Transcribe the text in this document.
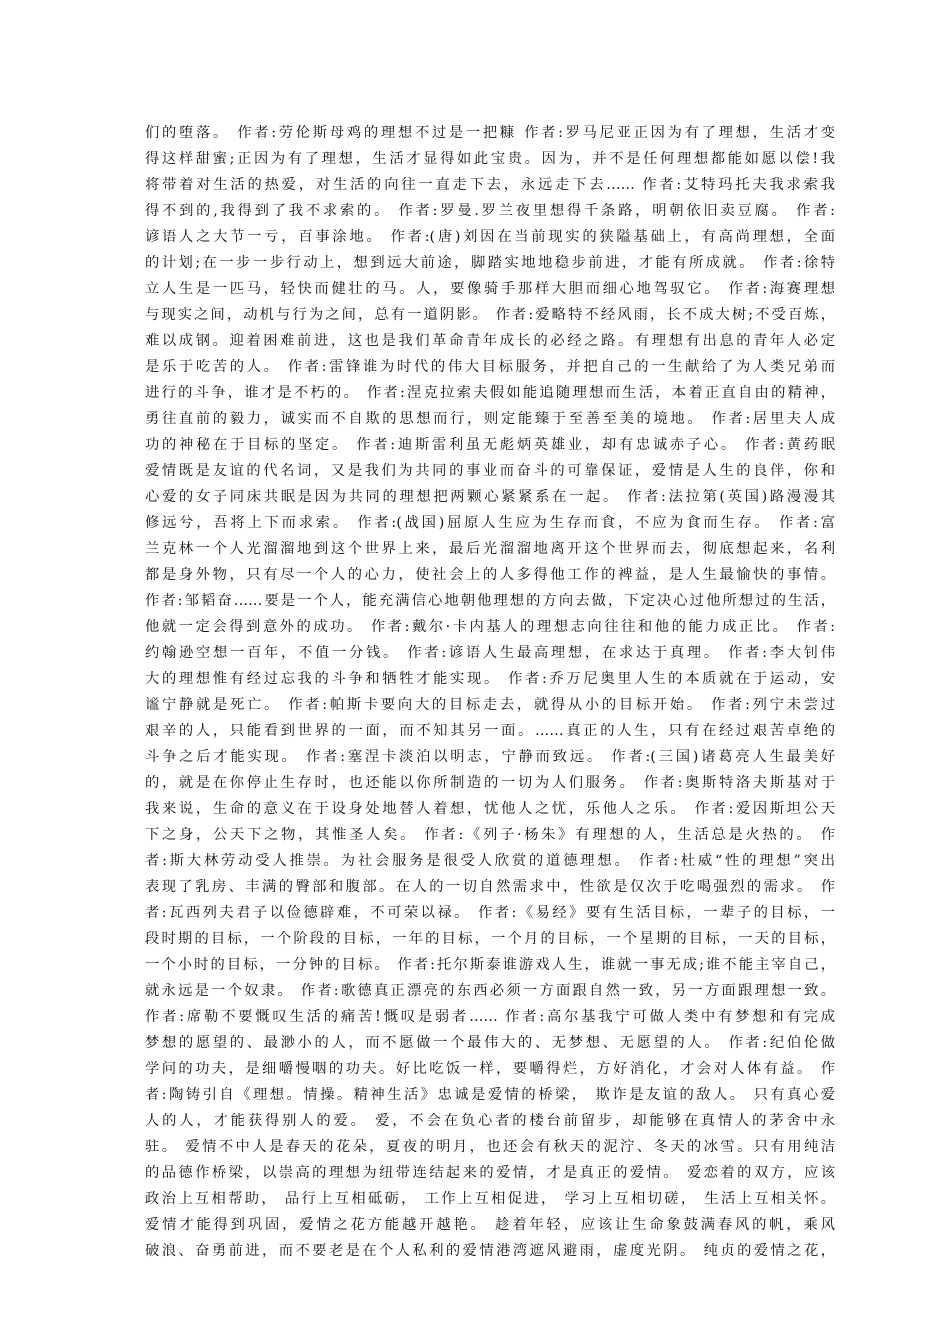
们的堕落。 作者:劳伦斯母鸡的理想不过是一把糠 作者:罗马尼亚正因为有了理想，生活才变
得这样甜蜜;正因为有了理想，生活才显得如此宝贵。因为，并不是任何理想都能如愿以偿!我
将带着对生活的热爱，对生活的向往一直走下去，永远走下去…… 作者:艾特玛托夫我求索我
得不到的,我得到了我不求索的。 作者:罗曼.罗兰夜里想得千条路，明朝依旧卖豆腐。 作者:
谚语人之大节一亏，百事涂地。 作者:(唐)刘因在当前现实的狭隘基础上，有高尚理想，全面
的计划;在一步一步行动上，想到远大前途，脚踏实地地稳步前进，才能有所成就。 作者:徐特
立人生是一匹马，轻快而健壮的马。人，要像骑手那样大胆而细心地驾驭它。 作者:海赛理想
与现实之间，动机与行为之间，总有一道阴影。 作者:爱略特不经风雨，长不成大树;不受百炼，
难以成钢。迎着困难前进，这也是我们革命青年成长的必经之路。有理想有出息的青年人必定
是乐于吃苦的人。 作者:雷锋谁为时代的伟大目标服务，并把自己的一生献给了为人类兄弟而
进行的斗争，谁才是不朽的。 作者:涅克拉索夫假如能追随理想而生活，本着正直自由的精神，
勇往直前的毅力，诚实而不自欺的思想而行，则定能臻于至善至美的境地。 作者:居里夫人成
功的神秘在于目标的坚定。 作者:迪斯雷利虽无彪炳英雄业，却有忠诚赤子心。 作者:黄药眠
爱情既是友谊的代名词，又是我们为共同的事业而奋斗的可靠保证，爱情是人生的良伴，你和
心爱的女子同床共眠是因为共同的理想把两颗心紧紧系在一起。 作者:法拉第(英国)路漫漫其
修远兮，吾将上下而求索。 作者:(战国)屈原人生应为生存而食，不应为食而生存。 作者:富
兰克林一个人光溜溜地到这个世界上来，最后光溜溜地离开这个世界而去，彻底想起来，名利
都是身外物，只有尽一个人的心力，使社会上的人多得他工作的裨益，是人生最愉快的事情。
作者:邹韬奋……要是一个人，能充满信心地朝他理想的方向去做，下定决心过他所想过的生活，
他就一定会得到意外的成功。 作者:戴尔·卡内基人的理想志向往往和他的能力成正比。 作者:
约翰逊空想一百年，不值一分钱。 作者:谚语人生最高理想，在求达于真理。 作者:李大钊伟
大的理想惟有经过忘我的斗争和牺牲才能实现。 作者:乔万尼奥里人生的本质就在于运动，安
谧宁静就是死亡。 作者:帕斯卡要向大的目标走去，就得从小的目标开始。 作者:列宁未尝过
艰辛的人，只能看到世界的一面，而不知其另一面。……真正的人生，只有在经过艰苦卓绝的
斗争之后才能实现。 作者:塞涅卡淡泊以明志，宁静而致远。 作者:(三国)诸葛亮人生最美好
的，就是在你停止生存时，也还能以你所制造的一切为人们服务。 作者:奥斯特洛夫斯基对于
我来说，生命的意义在于设身处地替人着想，忧他人之忧，乐他人之乐。 作者:爱因斯坦公天
下之身，公天下之物，其惟圣人矣。 作者:《列子·杨朱》有理想的人，生活总是火热的。 作
者:斯大林劳动受人推崇。为社会服务是很受人欣赏的道德理想。 作者:杜威“性的理想”突出
表现了乳房、丰满的臀部和腹部。在人的一切自然需求中，性欲是仅次于吃喝强烈的需求。 作
者:瓦西列夫君子以俭德辟难，不可荣以禄。 作者:《易经》要有生活目标，一辈子的目标，一
段时期的目标，一个阶段的目标，一年的目标，一个月的目标，一个星期的目标，一天的目标，
一个小时的目标，一分钟的目标。 作者:托尔斯泰谁游戏人生，谁就一事无成;谁不能主宰自己，
就永远是一个奴隶。 作者:歌德真正漂亮的东西必须一方面跟自然一致，另一方面跟理想一致。
作者:席勒不要慨叹生活的痛苦!慨叹是弱者…… 作者:高尔基我宁可做人类中有梦想和有完成
梦想的愿望的、最渺小的人，而不愿做一个最伟大的、无梦想、无愿望的人。 作者:纪伯伦做
学问的功夫，是细嚼慢咽的功夫。好比吃饭一样，要嚼得烂，方好消化，才会对人体有益。 作
者:陶铸引自《理想。情操。精神生活》忠诚是爱情的桥梁， 欺诈是友谊的敌人。 只有真心爱
人的人，才能获得别人的爱。 爱，不会在负心者的楼台前留步，却能够在真情人的茅舍中永
驻。 爱情不中人是春天的花朵，夏夜的明月，也还会有秋天的泥泞、冬天的冰雪。只有用纯洁
的品德作桥梁，以崇高的理想为纽带连结起来的爱情，才是真正的爱情。 爱恋着的双方，应该
政治上互相帮助， 品行上互相砥砺， 工作上互相促进， 学习上互相切磋， 生活上互相关怀。
爱情才能得到巩固，爱情之花方能越开越艳。 趁着年轻，应该让生命象鼓满春风的帆，乘风
破浪、奋勇前进，而不要老是在个人私利的爱情港湾遮风避雨，虚度光阴。 纯贞的爱情之花，
